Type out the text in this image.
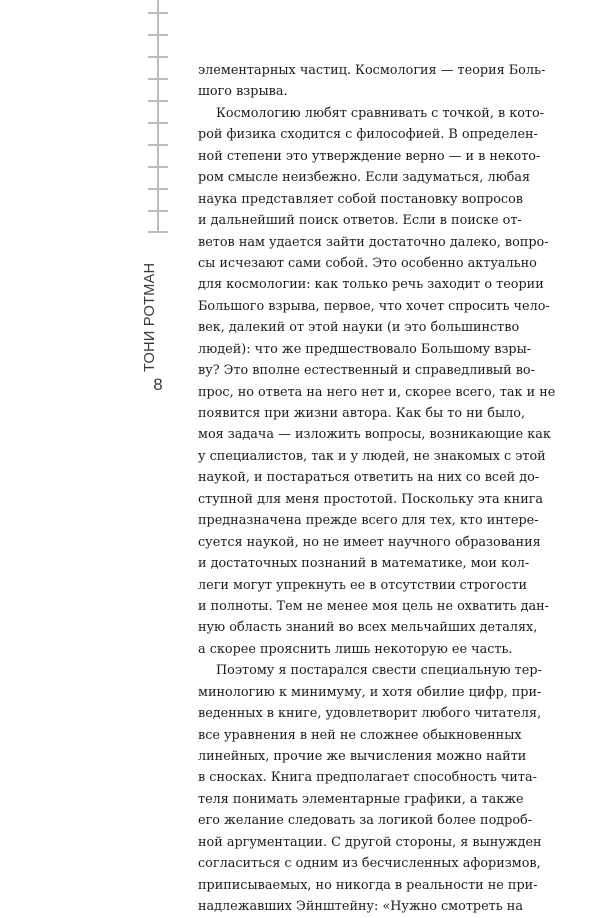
ТОНИ РОТМАН
8
элементарных частиц. Космология — теория Боль-
шого взрыва.
Космологию любят сравнивать с точкой, в кото-
рой физика сходится с философией. В определен-
ной степени это утверждение верно — и в некото-
ром смысле неизбежно. Если задуматься, любая
наука представляет собой постановку вопросов
и дальнейший поиск ответов. Если в поиске от-
ветов нам удается зайти достаточно далеко, вопро-
сы исчезают сами собой. Это особенно актуально
для космологии: как только речь заходит о теории
Большого взрыва, первое, что хочет спросить чело-
век, далекий от этой науки (и это большинство
людей): что же предшествовало Большому взры-
ву? Это вполне естественный и справедливый во-
прос, но ответа на него нет и, скорее всего, так и не
появится при жизни автора. Как бы то ни было,
моя задача — изложить вопросы, возникающие как
у специалистов, так и у людей, не знакомых с этой
наукой, и постараться ответить на них со всей до-
ступной для меня простотой. Поскольку эта книга
предназначена прежде всего для тех, кто интере-
суется наукой, но не имеет научного образования
и достаточных познаний в математике, мои кол-
леги могут упрекнуть ее в отсутствии строгости
и полноты. Тем не менее моя цель не охватить дан-
ную область знаний во всех мельчайших деталях,
а скорее прояснить лишь некоторую ее часть.
Поэтому я постарался свести специальную тер-
минологию к минимуму, и хотя обилие цифр, при-
веденных в книге, удовлетворит любого читателя,
все уравнения в ней не сложнее обыкновенных
линейных, прочие же вычисления можно найти
в сносках. Книга предполагает способность чита-
теля понимать элементарные графики, а также
его желание следовать за логикой более подроб-
ной аргументации. С другой стороны, я вынужден
согласиться с одним из бесчисленных афоризмов,
приписываемых, но никогда в реальности не при-
надлежавших Эйнштейну: «Нужно смотреть на
